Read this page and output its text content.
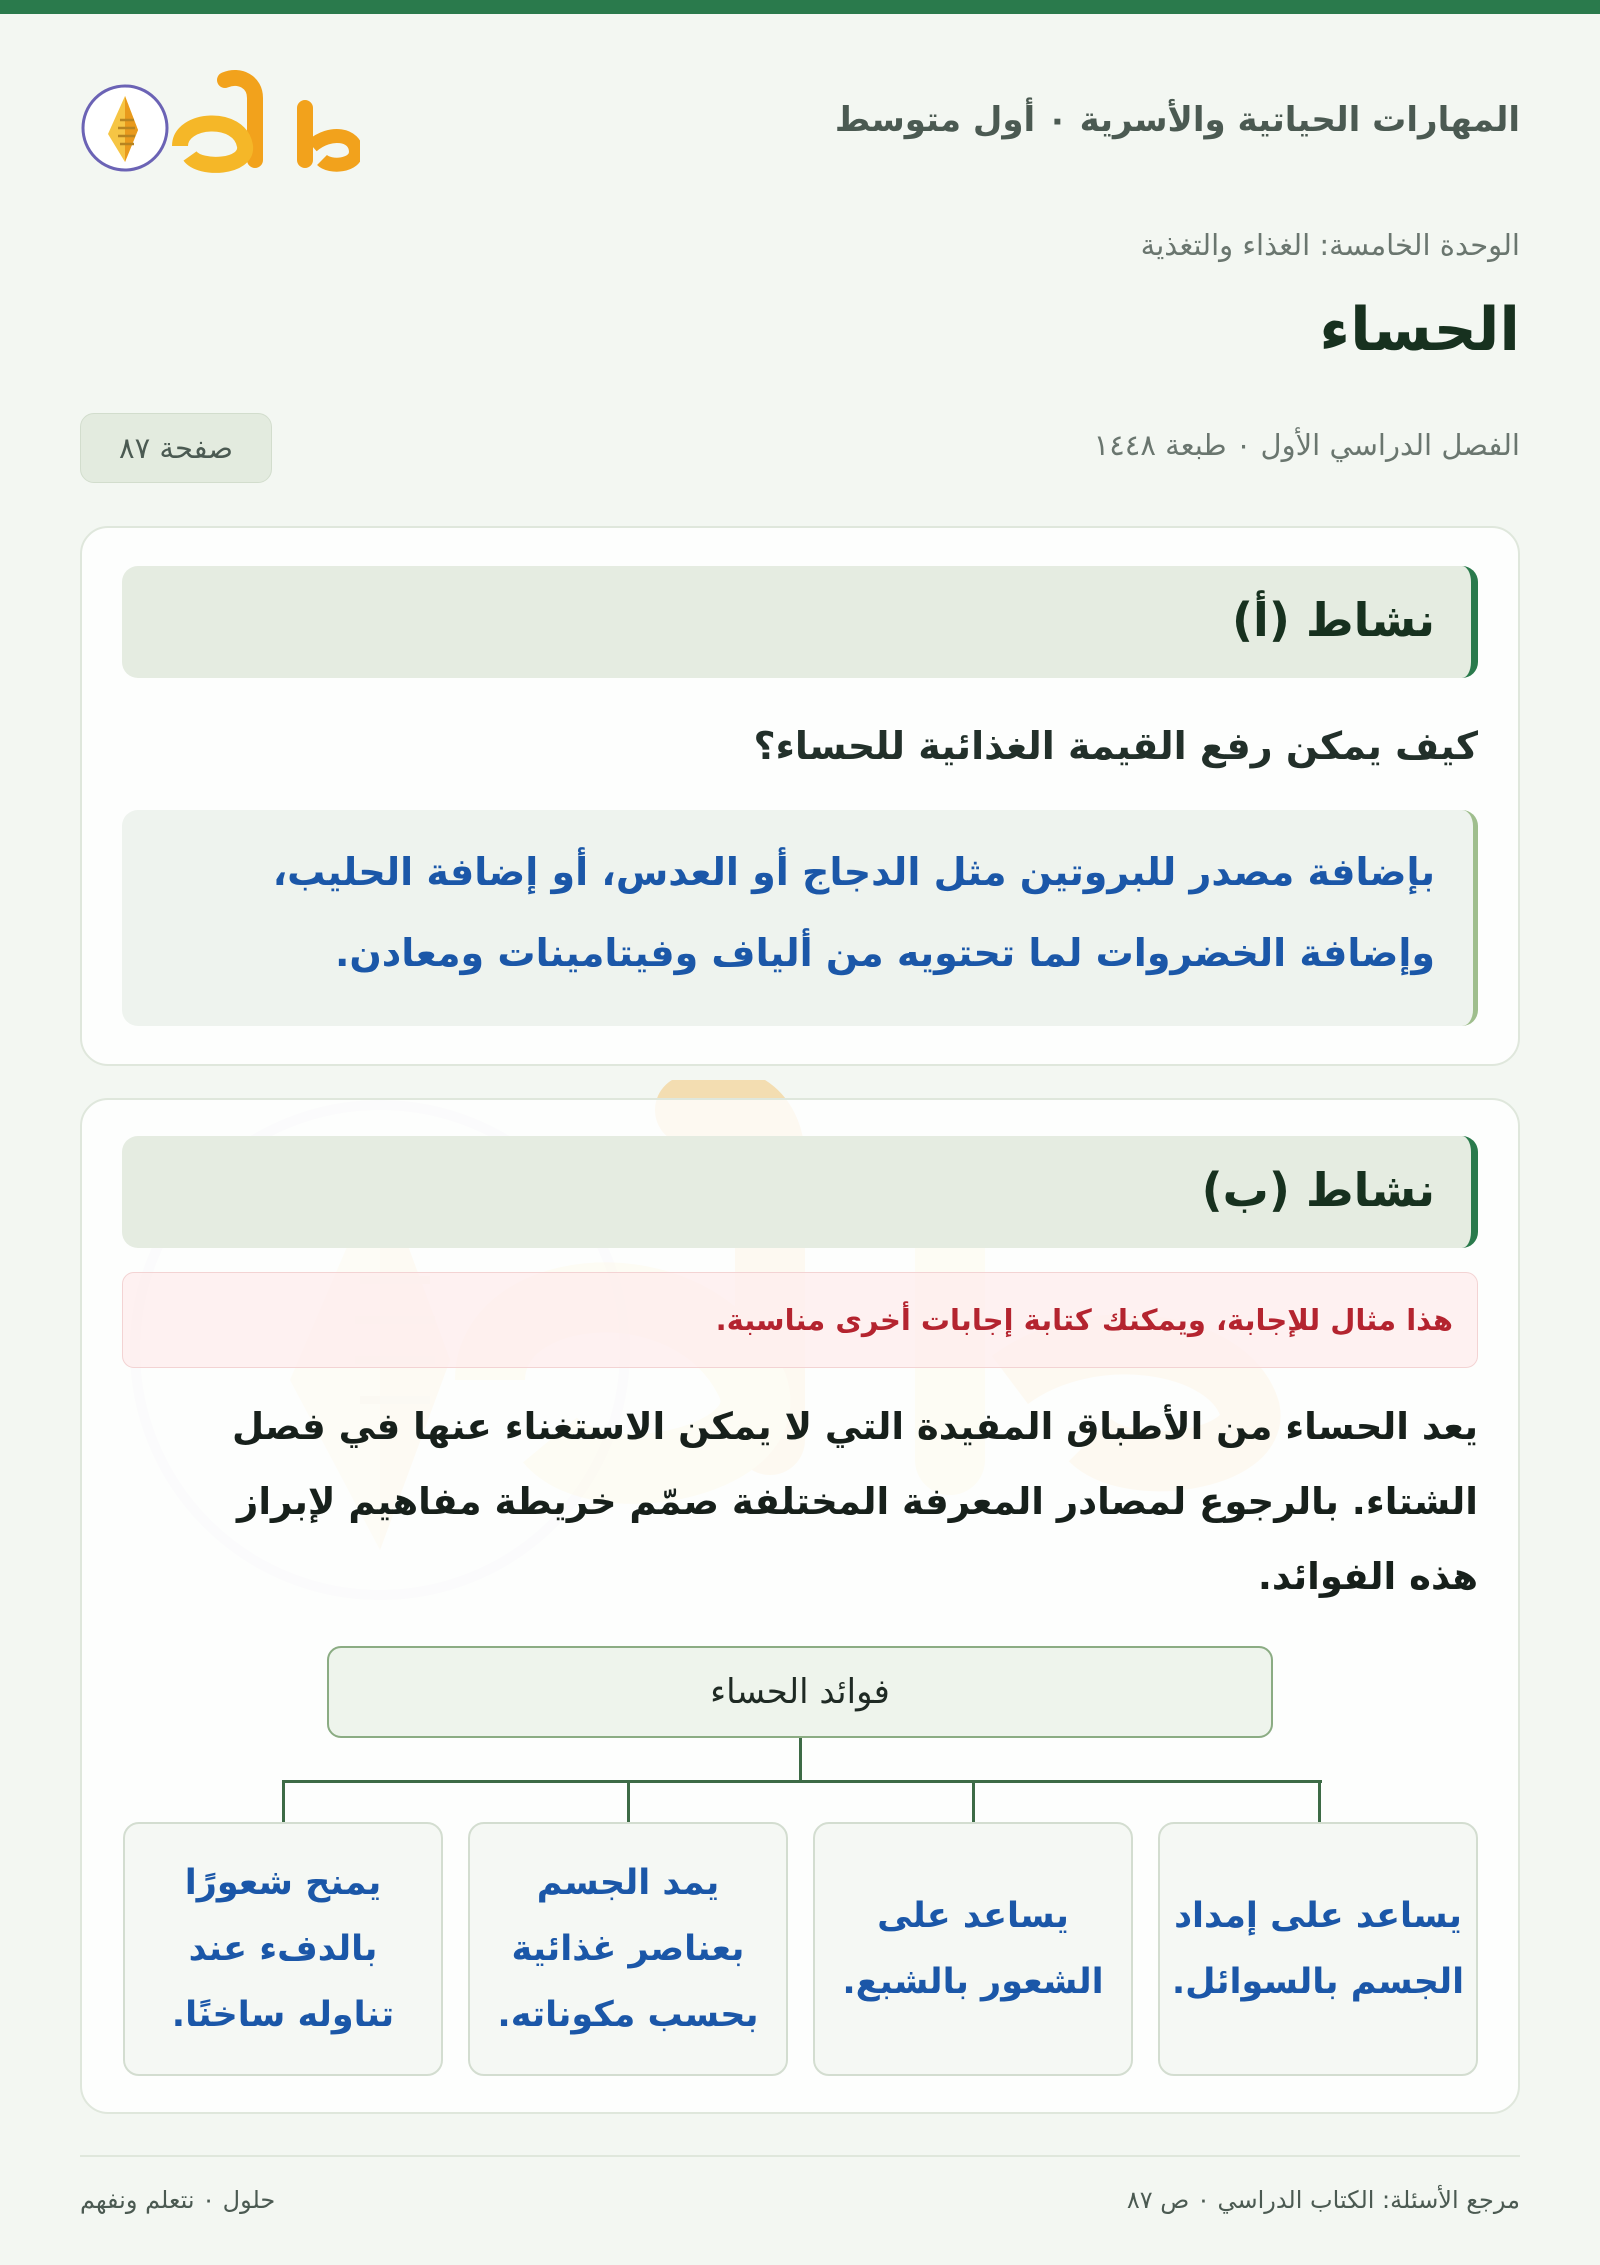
المهارات الحياتية والأسرية ٠ أول متوسط
الوحدة الخامسة: الغذاء والتغذية
الحساء
الفصل الدراسي الأول ٠ طبعة ١٤٤٨
صفحة ٨٧
نشاط (أ)
كيف يمكن رفع القيمة الغذائية للحساء؟
بإضافة مصدر للبروتين مثل الدجاج أو العدس، أو إضافة الحليب،
وإضافة الخضروات لما تحتويه من ألياف وفيتامينات ومعادن.
نشاط (ب)
هذا مثال للإجابة، ويمكنك كتابة إجابات أخرى مناسبة.
يعد الحساء من الأطباق المفيدة التي لا يمكن الاستغناء عنها في فصل
الشتاء. بالرجوع لمصادر المعرفة المختلفة صمّم خريطة مفاهيم لإبراز
هذه الفوائد.
فوائد الحساء
يساعد على إمداد الجسم بالسوائل.
يساعد على الشعور بالشبع.
يمد الجسم بعناصر غذائية بحسب مكوناته.
يمنح شعورًا بالدفء عند تناوله ساخنًا.
مرجع الأسئلة: الكتاب الدراسي ٠ ص ٨٧
حلول ٠ نتعلم ونفهم
